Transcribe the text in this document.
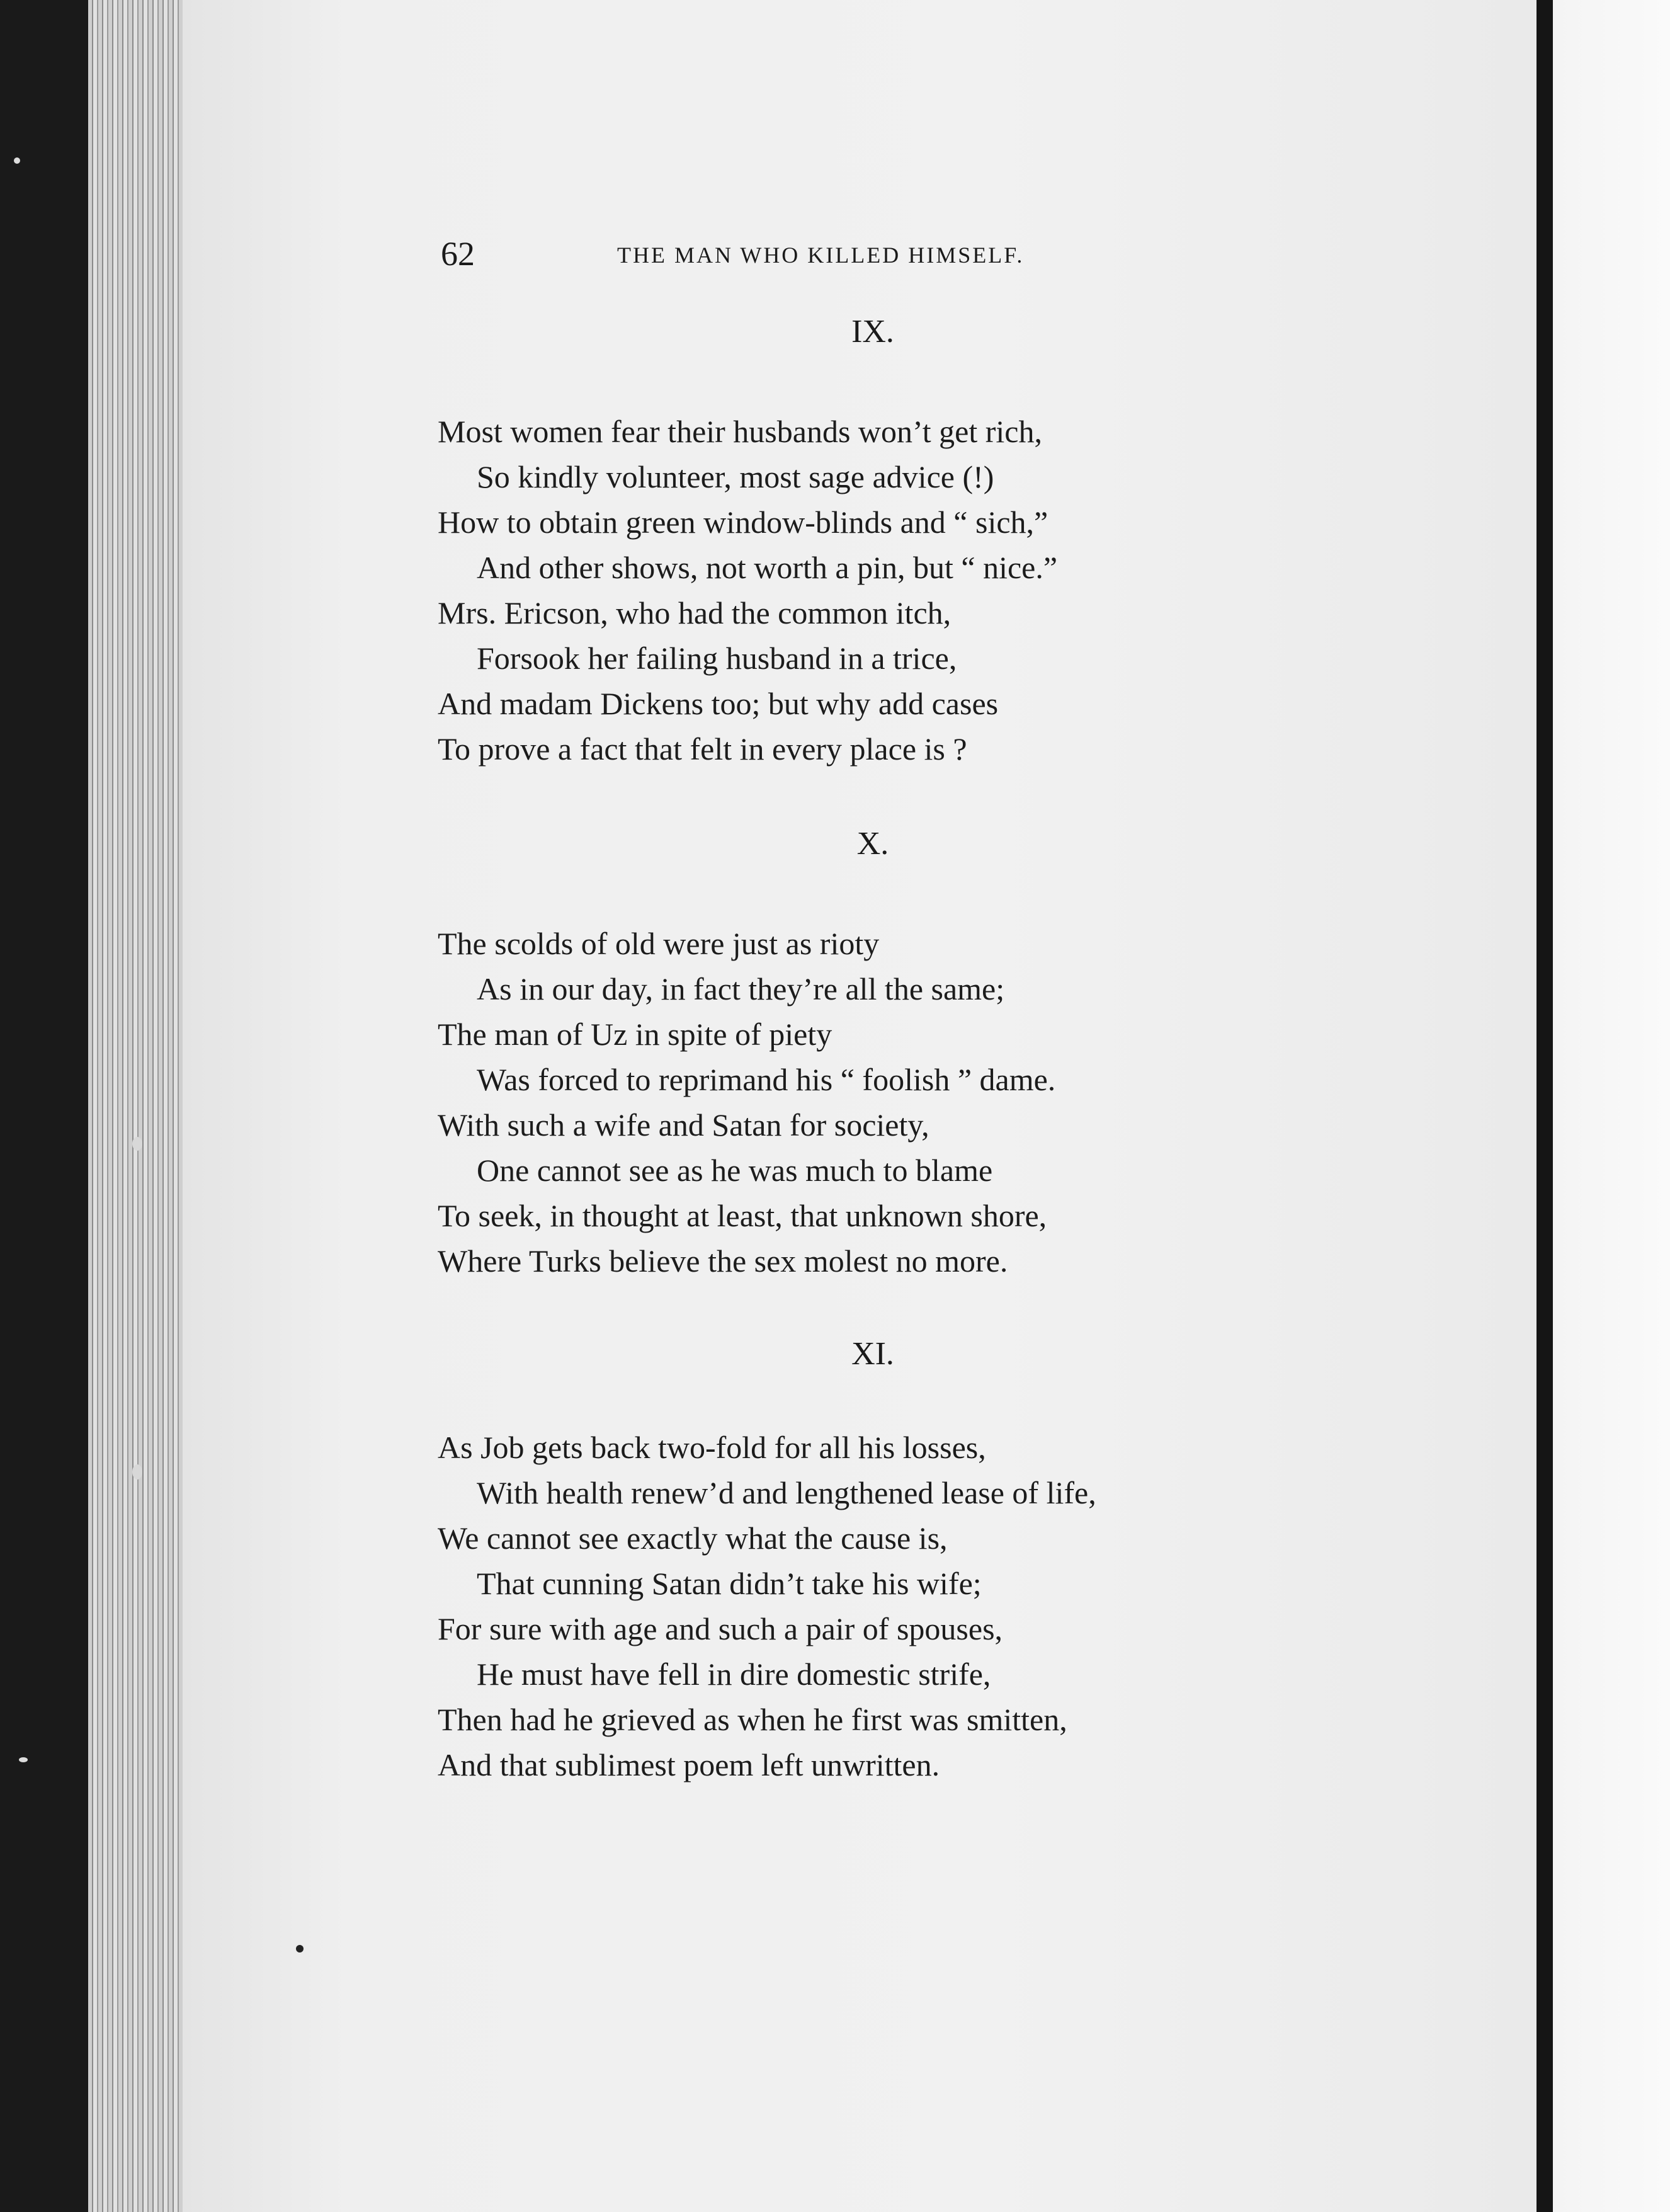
62	THE MAN WHO KILLED HIMSELF.
IX.
Most women fear their husbands won’t get rich,
So kindly volunteer, most sage advice (!)
How to obtain green window-blinds and “ sich,”
And other shows, not worth a pin, but “ nice.”
Mrs. Ericson, who had the common itch,
Forsook her failing husband in a trice,
And madam Dickens too; but why add cases
To prove a fact that felt in every place is ?
X.
The scolds of old were just as rioty
As in our day, in fact they’re all the same;
The man of Uz in spite of piety
Was forced to reprimand his “ foolish ” dame.
With such a wife and Satan for society,
One cannot see as he was much to blame
To seek, in thought at least, that unknown shore,
Where Turks believe the sex molest no more.
XI.
As Job gets back two-fold for all his losses,
With health renew’d and lengthened lease of life,
We cannot see exactly what the cause is,
That cunning Satan didn’t take his wife;
For sure with age and such a pair of spouses,
He must have fell in dire domestic strife,
Then had he grieved as when he first was smitten,
And that sublimest poem left unwritten.
